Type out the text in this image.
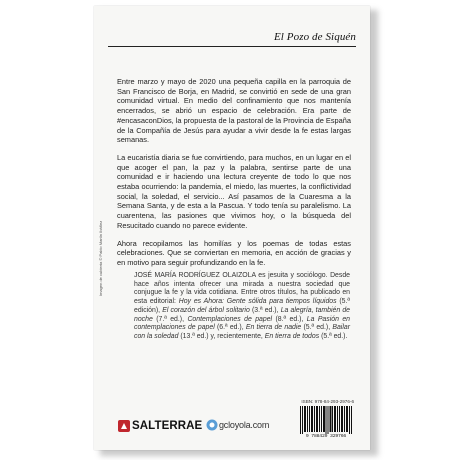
El Pozo de Siquén

Entre marzo y mayo de 2020 una pequeña capilla en la parroquia de San Francisco de Borja, en Madrid, se convirtió en sede de una gran comunidad virtual. En medio del confinamiento que nos mantenía encerrados, se abrió un espacio de celebración. Era parte de #encasaconDios, la propuesta de la pastoral de la Provincia de España de la Compañía de Jesús para ayudar a vivir desde la fe estas largas semanas.

La eucaristía diaria se fue convirtiendo, para muchos, en un lugar en el que acoger el pan, la paz y la palabra, sentirse parte de una comunidad e ir haciendo una lectura creyente de todo lo que nos estaba ocurriendo: la pandemia, el miedo, las muertes, la conflictividad social, la soledad, el servicio... Así pasamos de la Cuaresma a la Semana Santa, y de esta a la Pascua. Y todo tenía su paralelismo. La cuarentena, las pasiones que vivimos hoy, o la búsqueda del Resucitado cuando no parece evidente.

Ahora recopilamos las homilías y los poemas de todas estas celebraciones. Que se conviertan en memoria, en acción de gracias y en motivo para seguir profundizando en la fe.

JOSÉ MARÍA RODRÍGUEZ OLAIZOLA es jesuita y sociólogo. Desde hace años intenta ofrecer una mirada a nuestra sociedad que conjugue la fe y la vida cotidiana. Entre otros títulos, ha publicado en esta editorial: Hoy es Ahora: Gente sólida para tiempos líquidos (5.ª edición), El corazón del árbol solitario (3.ª ed.), La alegría, también de noche (7.ª ed.), Contemplaciones de papel (8.ª ed.), La Pasión en contemplaciones de papel (6.ª ed.), En tierra de nadie (5.ª ed.), Bailar con la soledad (13.ª ed.) y, recientemente, En tierra de todos (5.ª ed.).
Imagen de cubierta © Pablo Martín Ibáñez
ISBN: 978-84-293-2976-6
9 788429 329766
SALTERRAE gcloyola.com
